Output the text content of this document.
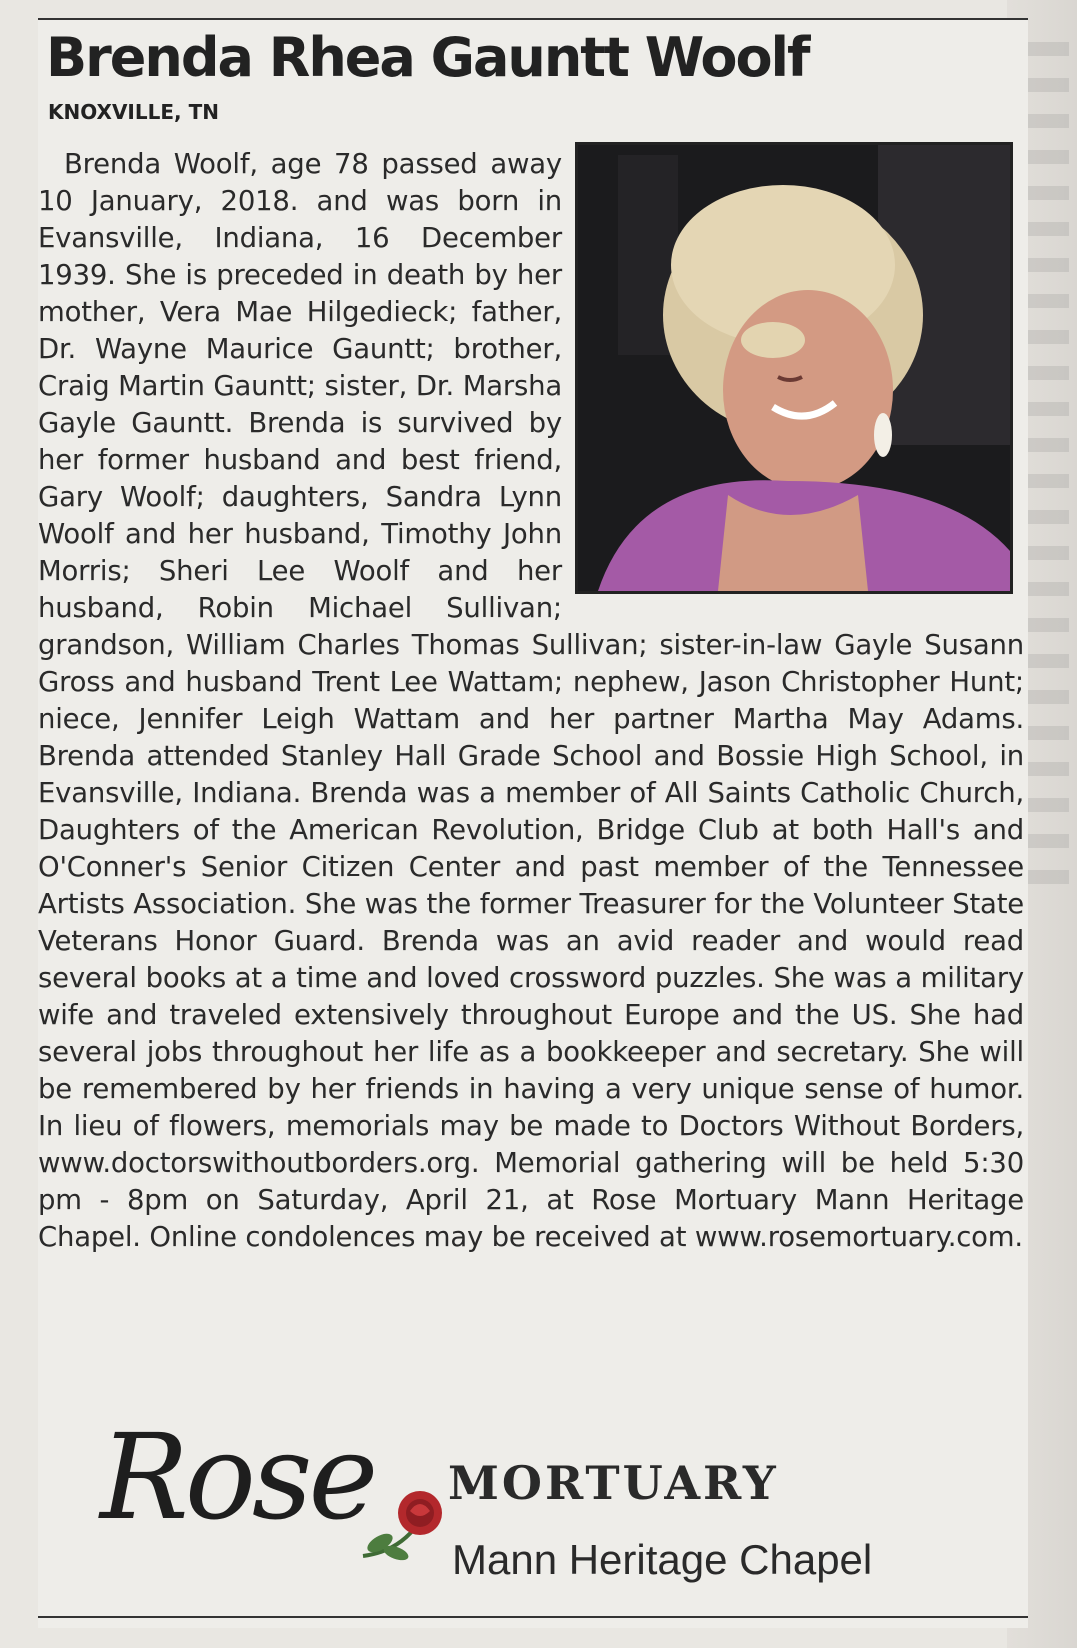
Brenda Rhea Gauntt Woolf
KNOXVILLE, TN

Brenda Woolf, age 78 passed away 10 January, 2018. and was born in Evansville, Indiana, 16 December 1939. She is preceded in death by her mother, Vera Mae Hilgedieck; father, Dr. Wayne Maurice Gauntt; brother, Craig Martin Gauntt; sister, Dr. Marsha Gayle Gauntt. Brenda is survived by her former husband and best friend, Gary Woolf; daughters, Sandra Lynn Woolf and her husband, Timothy John Morris; Sheri Lee Woolf and her husband, Robin Michael Sullivan; grandson, William Charles Thomas Sullivan; sister-in-law Gayle Susann Gross and husband Trent Lee Wattam; nephew, Jason Christopher Hunt; niece, Jennifer Leigh Wattam and her partner Martha May Adams. Brenda attended Stanley Hall Grade School and Bossie High School, in Evansville, Indiana. Brenda was a member of All Saints Catholic Church, Daughters of the American Revolution, Bridge Club at both Hall's and O'Conner's Senior Citizen Center and past member of the Tennessee Artists Association. She was the former Treasurer for the Volunteer State Veterans Honor Guard. Brenda was an avid reader and would read several books at a time and loved crossword puzzles. She was a military wife and traveled extensively throughout Europe and the US. She had several jobs throughout her life as a bookkeeper and secretary. She will be remembered by her friends in having a very unique sense of humor. In lieu of flowers, memorials may be made to Doctors Without Borders, www.doctorswithoutborders.org. Memorial gathering will be held 5:30 pm - 8pm on Saturday, April 21, at Rose Mortuary Mann Heritage Chapel. Online condolences may be received at www.rosemortuary.com.

Rose MORTUARY
Mann Heritage Chapel
